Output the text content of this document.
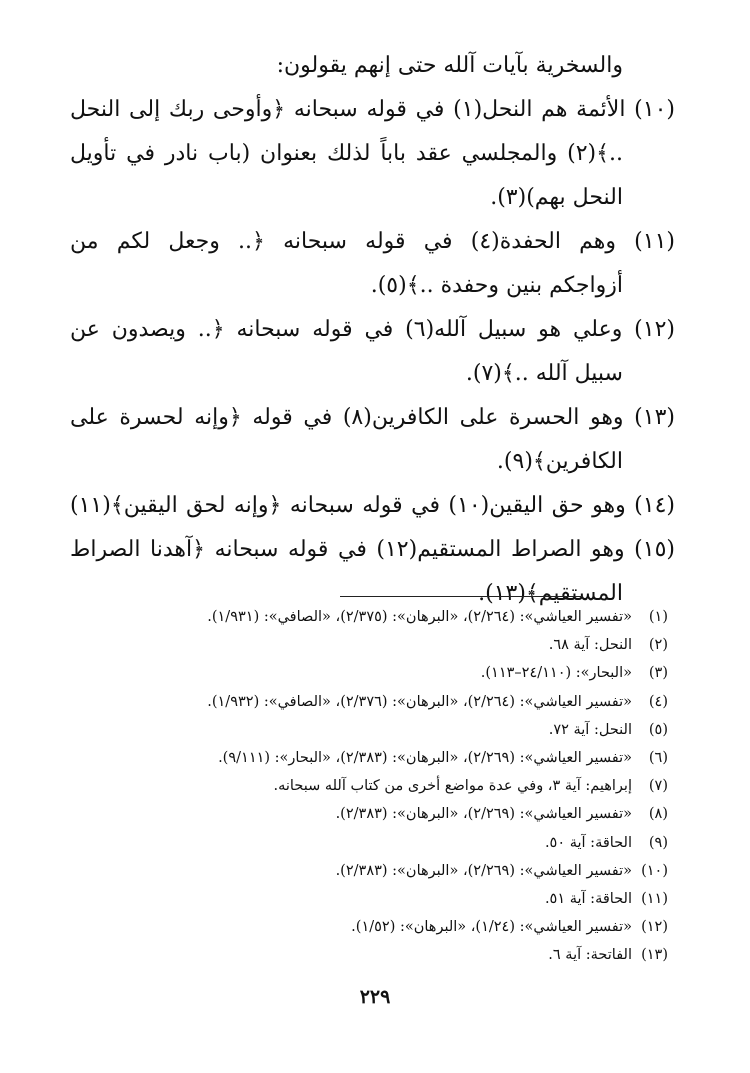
والسخرية بآيات آلله حتى إنهم يقولون:
(١٠) الأئمة هم النحل(١) في قوله سبحانه ﴿وأوحى ربك إلى النحل
..﴾(٢) والمجلسي عقد باباً لذلك بعنوان (باب نادر في تأويل
النحل بهم)(٣).
(١١) وهم الحفدة(٤) في قوله سبحانه ﴿.. وجعل لكم من
أزواجكم بنين وحفدة ..﴾(٥).
(١٢) وعلي هو سبيل آلله(٦) في قوله سبحانه ﴿.. ويصدون عن
سبيل آلله ..﴾(٧).
(١٣) وهو الحسرة على الكافرين(٨) في قوله ﴿وإنه لحسرة على
الكافرين﴾(٩).
(١٤) وهو حق اليقين(١٠) في قوله سبحانه ﴿وإنه لحق اليقين﴾(١١)
(١٥) وهو الصراط المستقيم(١٢) في قوله سبحانه ﴿آهدنا الصراط
المستقيم﴾(١٣).
(١)
«تفسير العياشي»: (٢/٢٦٤)، «البرهان»: (٢/٣٧٥)، «الصافي»: (١/٩٣١).
(٢)
النحل: آية ٦٨.
(٣)
«البحار»: (٢٤/١١٠–١١٣).
(٤)
«تفسير العياشي»: (٢/٢٦٤)، «البرهان»: (٢/٣٧٦)، «الصافي»: (١/٩٣٢).
(٥)
النحل: آية ٧٢.
(٦)
«تفسير العياشي»: (٢/٢٦٩)، «البرهان»: (٢/٣٨٣)، «البحار»: (٩/١١١).
(٧)
إبراهيم: آية ٣، وفي عدة مواضع أخرى من كتاب آلله سبحانه.
(٨)
«تفسير العياشي»: (٢/٢٦٩)، «البرهان»: (٢/٣٨٣).
(٩)
الحاقة: آية ٥٠.
(١٠)
«تفسير العياشي»: (٢/٢٦٩)، «البرهان»: (٢/٣٨٣).
(١١)
الحاقة: آية ٥١.
(١٢)
«تفسير العياشي»: (١/٢٤)، «البرهان»: (١/٥٢).
(١٣)
الفاتحة: آية ٦.
٢٢٩
